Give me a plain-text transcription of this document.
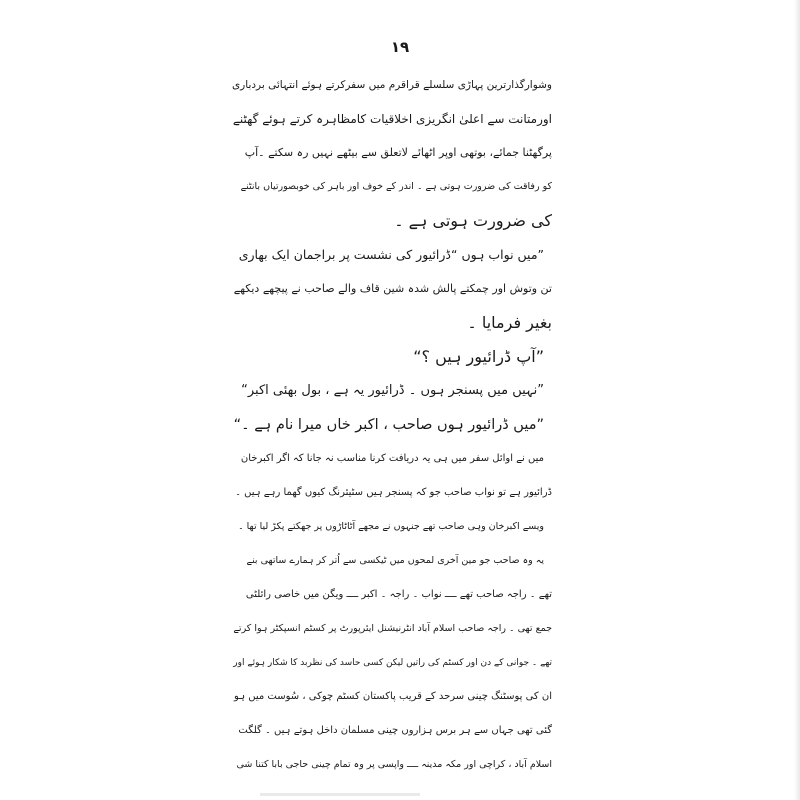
۱۹
وشوارگذارترین پہاڑی سلسلے قراقرم میں سفرکرتے ہوئے انتہائی بردباری
اورمتانت سے اعلیٰ انگریزی اخلاقیات کامظاہرہ کرتے ہوئے گھٹنے
پرگھٹنا جمائے، بوتھی اوپر اٹھائے لاتعلق سے بیٹھے نہیں رہ سکتے ۔آپ
کو رفاقت کی ضرورت ہوتی ہے ۔ اندر کے خوف اور باہر کی خوبصورتیاں بانٹنے
کی ضرورت ہوتی ہے ۔
”میں نواب ہوں “ڈرائیور کی نشست پر براجمان ایک بھاری
تن وتوش اور چمکتے پالش شدہ شین قاف والے صاحب نے پیچھے دیکھے
بغیر فرمایا ۔
”آپ ڈرائیور ہیں ؟“
”نہیں میں پسنجر ہوں ۔ ڈرائیور یہ ہے ، بول بھئی اکبر“
”میں ڈرائیور ہوں صاحب ، اکبر خاں میرا نام ہے ۔“
میں نے اوائل سفر میں ہی یہ دریافت کرنا مناسب نہ جانا کہ اگر اکبرخان
ڈرائیور ہے تو نواب صاحب جو کہ پسنجر ہیں سٹیئرنگ کیوں گھما رہے ہیں ۔
ویسے اکبرخان وہی صاحب تھے جنہوں نے مجھے آٹاٹاڑوں پر جھکتے پکڑ لیا تھا ۔
یہ وہ صاحب جو مین آخری لمحوں میں ٹیکسی سے اُتر کر ہمارے ساتھی بنے
تھے ۔ راجہ صاحب تھے ــــ نواب ۔ راجہ ۔ اکبر ــــ ویگن میں خاصی رائلٹی
جمع تھی ۔ راجہ صاحب اسلام آباد انٹرنیشنل ایئرپورٹ پر کسٹم انسپکٹر ہوا کرتے
تھے ۔ جوانی کے دن اور کسٹم کی راتیں لیکن کسی حاسد کی نظربد کا شکار ہوئے اور
ان کی پوسٹنگ چینی سرحد کے قریب پاکستان کسٹم چوکی ، سُوست میں ہو
گئی تھی جہاں سے ہر برس ہزاروں چینی مسلمان داخل ہوتے ہیں ۔ گلگت
اسلام آباد ، کراچی اور مکہ مدینہ ــــ واپسی پر وہ تمام چینی حاجی بابا کتنا شی
